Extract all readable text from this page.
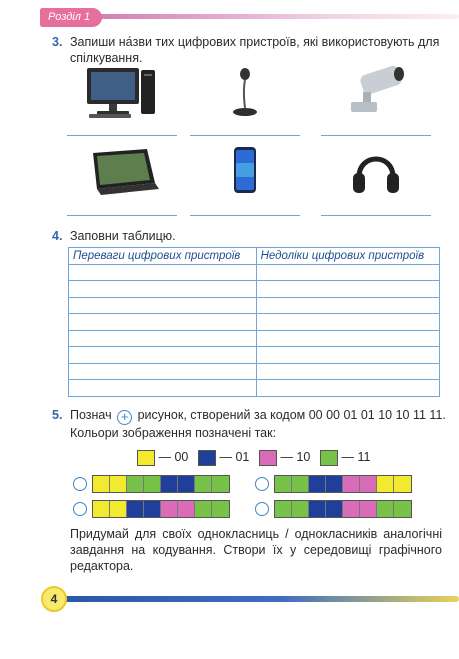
Розділ 1
3. Запиши на́зви тих цифрових пристроїв, які використовують для спілкування.
4. Заповни таблицю.
Переваги цифрових пристроїв	Недоліки цифрових пристроїв

5. Познач + рисунок, створений за кодом 00 00 01 01 10 10 11 11.
Кольори зображення позначені так:
— 00	— 01	— 10	— 11
Придумай для своїх однокласниць / однокласників аналогічні завдання на кодування. Створи їх у середовищі графічного редактора.
4
